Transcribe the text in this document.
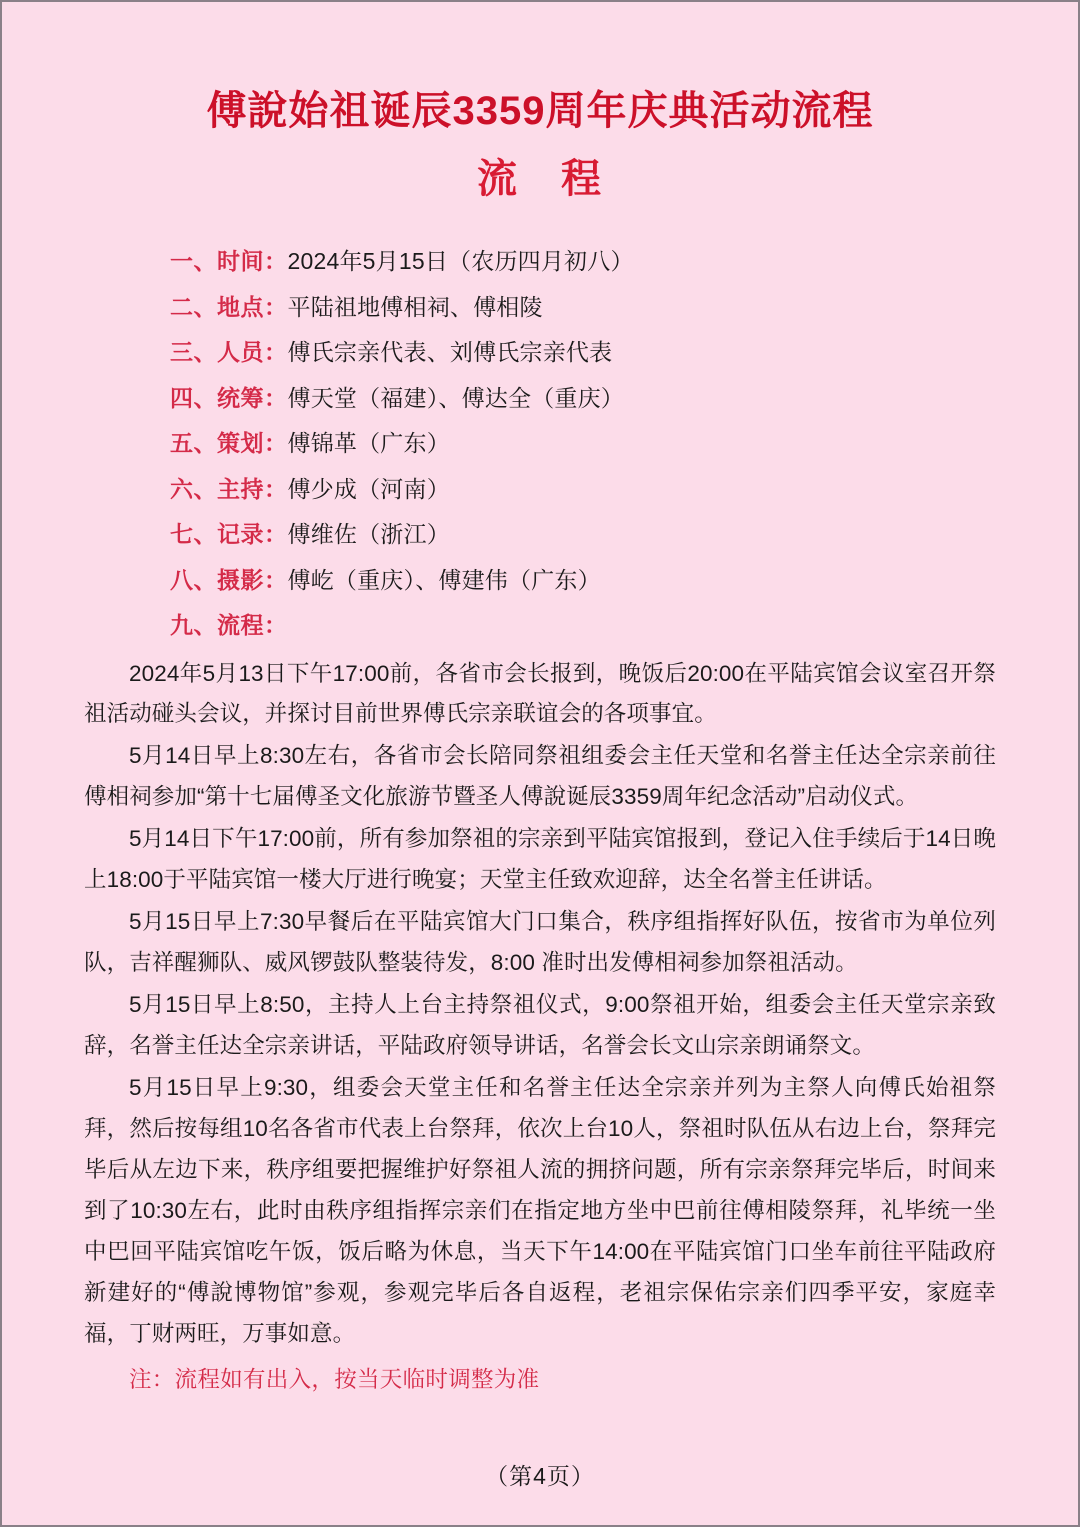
傅說始祖诞辰3359周年庆典活动流程
流　程
一、时间： 2024年5月15日（农历四月初八）
二、地点： 平陆祖地傅相祠、傅相陵
三、人员： 傅氏宗亲代表、刘傅氏宗亲代表
四、统筹： 傅天堂（福建）、傅达全（重庆）
五、策划： 傅锦革（广东）
六、主持： 傅少成（河南）
七、记录： 傅维佐（浙江）
八、摄影： 傅屹（重庆）、傅建伟（广东）
九、流程：

2024年5月13日下午17:00前，各省市会长报到，晚饭后20:00在平陆宾馆会议室召开祭祖活动碰头会议，并探讨目前世界傅氏宗亲联谊会的各项事宜。

5月14日早上8:30左右，各省市会长陪同祭祖组委会主任天堂和名誉主任达全宗亲前往傅相祠参加“第十七届傅圣文化旅游节暨圣人傅說诞辰3359周年纪念活动”启动仪式。

5月14日下午17:00前，所有参加祭祖的宗亲到平陆宾馆报到，登记入住手续后于14日晚上18:00于平陆宾馆一楼大厅进行晚宴；天堂主任致欢迎辞，达全名誉主任讲话。

5月15日早上7:30早餐后在平陆宾馆大门口集合，秩序组指挥好队伍，按省市为单位列队，吉祥醒狮队、威风锣鼓队整装待发，8:00 准时出发傅相祠参加祭祖活动。

5月15日早上8:50，主持人上台主持祭祖仪式，9:00祭祖开始，组委会主任天堂宗亲致辞，名誉主任达全宗亲讲话，平陆政府领导讲话，名誉会长文山宗亲朗诵祭文。

5月15日早上9:30，组委会天堂主任和名誉主任达全宗亲并列为主祭人向傅氏始祖祭拜，然后按每组10名各省市代表上台祭拜，依次上台10人，祭祖时队伍从右边上台，祭拜完毕后从左边下来，秩序组要把握维护好祭祖人流的拥挤问题，所有宗亲祭拜完毕后，时间来到了10:30左右，此时由秩序组指挥宗亲们在指定地方坐中巴前往傅相陵祭拜，礼毕统一坐中巴回平陆宾馆吃午饭，饭后略为休息，当天下午14:00在平陆宾馆门口坐车前往平陆政府新建好的“傅說博物馆”参观，参观完毕后各自返程，老祖宗保佑宗亲们四季平安，家庭幸福，丁财两旺，万事如意。

注：流程如有出入，按当天临时调整为准

（第4页）
